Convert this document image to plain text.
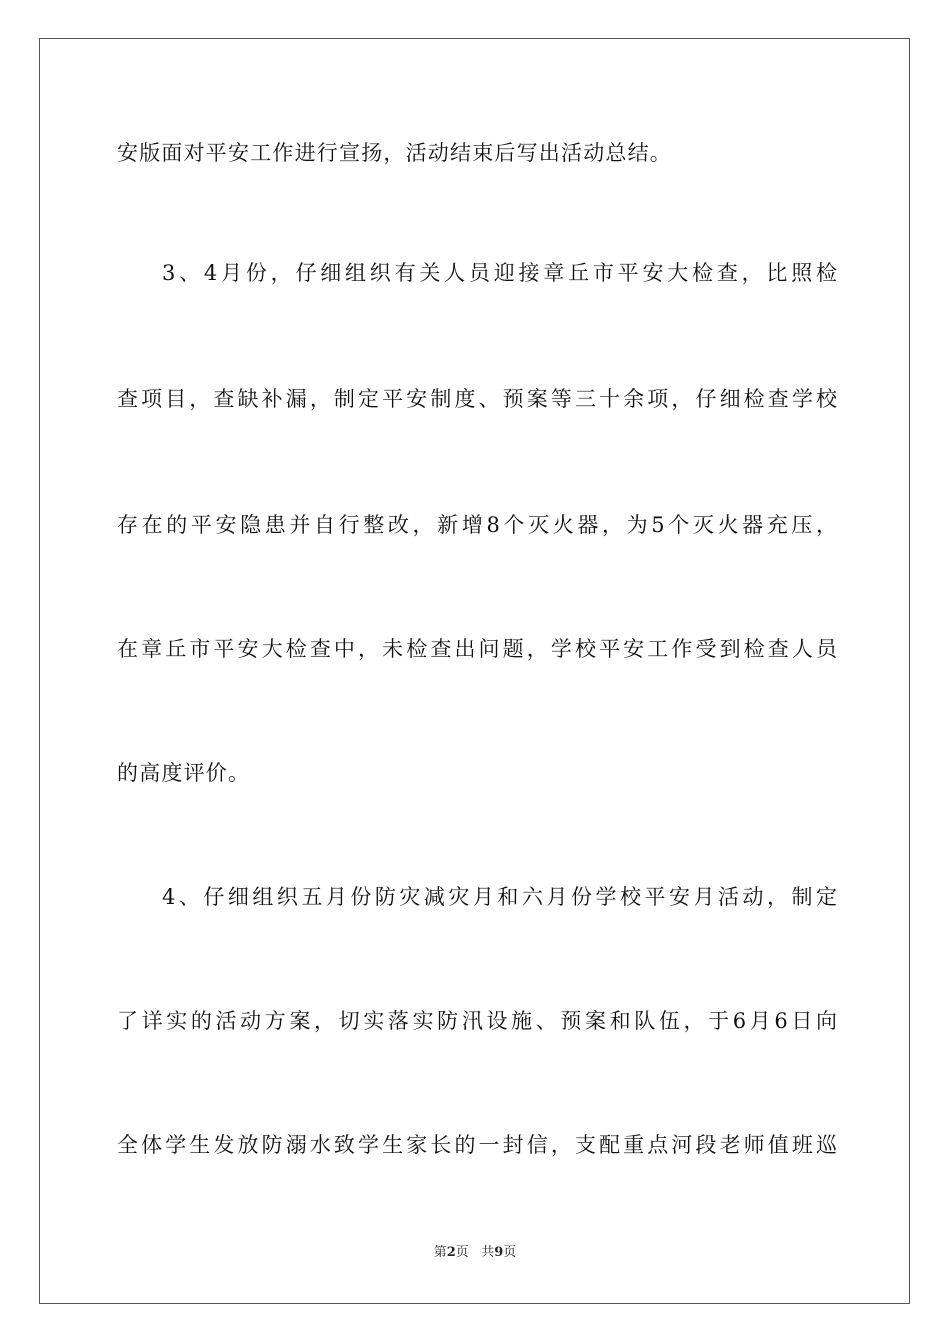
安版面对平安工作进行宣扬，活动结束后写出活动总结。
3、4月份，仔细组织有关人员迎接章丘市平安大检查，比照检
查项目，查缺补漏，制定平安制度、预案等三十余项，仔细检查学校
存在的平安隐患并自行整改，新增8个灭火器，为5个灭火器充压，
在章丘市平安大检查中，未检查出问题，学校平安工作受到检查人员
的高度评价。
4、仔细组织五月份防灾减灾月和六月份学校平安月活动，制定
了详实的活动方案，切实落实防汛设施、预案和队伍，于6月6日向
全体学生发放防溺水致学生家长的一封信，支配重点河段老师值班巡
第2页 共9页
